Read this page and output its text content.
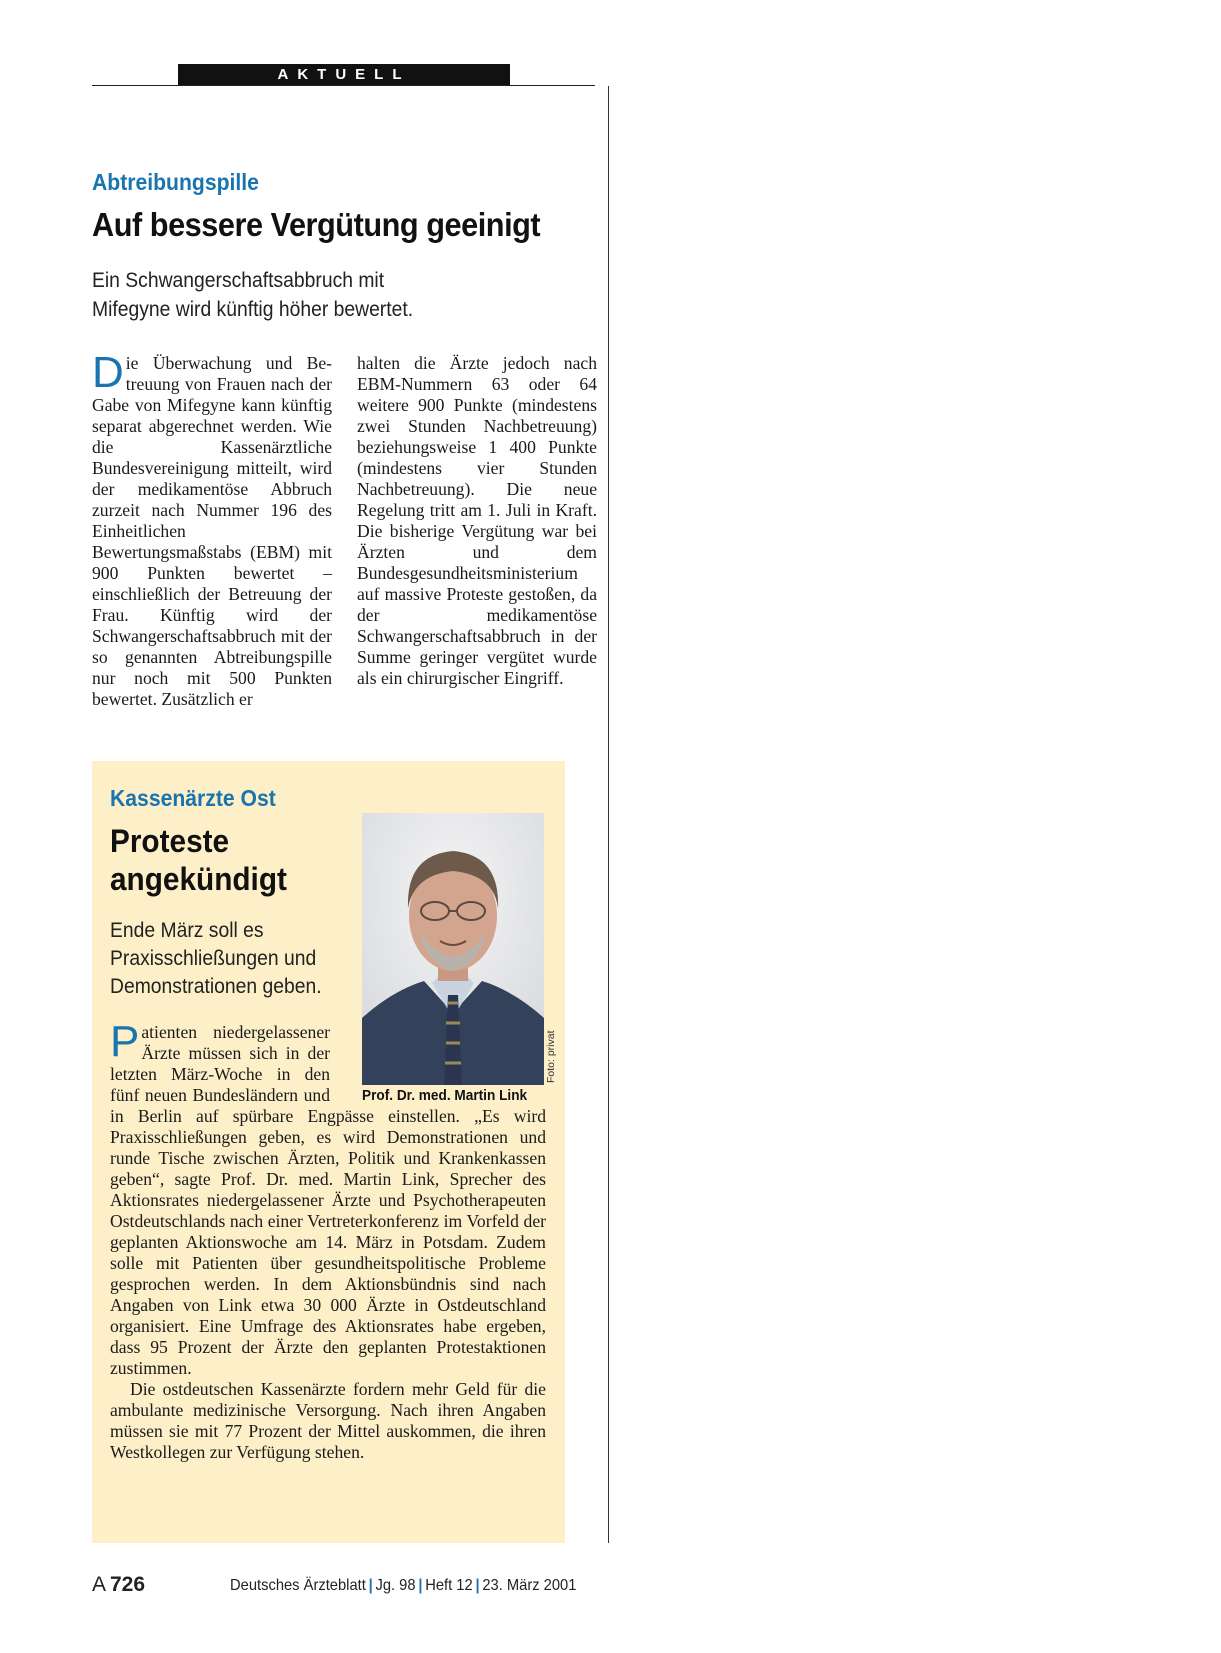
AKTUELL
Abtreibungspille
Auf bessere Vergütung geeinigt
Ein Schwangerschaftsabbruch mit
Mifegyne wird künftig höher bewertet.
Die Überwachung und Betreuung von Frauen nach der Gabe von Mifegyne kann künftig separat abgerechnet werden. Wie die Kassenärztliche Bundesvereinigung mitteilt, wird der medikamentöse Abbruch zurzeit nach Nummer 196 des Einheitlichen Bewertungsmaßstabs (EBM) mit 900 Punkten bewertet – einschließlich der Betreuung der Frau. Künftig wird der Schwangerschaftsabbruch mit der so genannten Abtreibungspille nur noch mit 500 Punkten bewertet. Zusätzlich er
halten die Ärzte jedoch nach EBM-Nummern 63 oder 64 weitere 900 Punkte (mindestens zwei Stunden Nachbetreuung) beziehungsweise 1 400 Punkte (mindestens vier Stunden Nachbetreuung). Die neue Regelung tritt am 1. Juli in Kraft. Die bisherige Vergütung war bei Ärzten und dem Bundesgesundheitsministerium auf massive Proteste gestoßen, da der medikamentöse Schwangerschaftsabbruch in der Summe geringer vergütet wurde als ein chirurgischer Eingriff.
Kassenärzte Ost
Proteste
angekündigt
Ende März soll es
Praxisschließungen und
Demonstrationen geben.
Foto: privat
Prof. Dr. med. Martin Link

Patienten niedergelassener Ärzte müssen sich in der letzten März-Woche in den fünf neuen Bundesländern und in Berlin auf spürbare Engpässe einstellen. „Es wird Praxisschließungen geben, es wird Demonstrationen und runde Tische zwischen Ärzten, Politik und Krankenkassen geben“, sagte Prof. Dr. med. Martin Link, Sprecher des Aktionsrates niedergelassener Ärzte und Psychotherapeuten Ostdeutschlands nach einer Vertreterkonferenz im Vorfeld der geplanten Aktionswoche am 14. März in Potsdam. Zudem solle mit Patienten über gesundheitspolitische Probleme gesprochen werden. In dem Aktionsbündnis sind nach Angaben von Link etwa 30 000 Ärzte in Ostdeutschland organisiert. Eine Umfrage des Aktionsrates habe ergeben, dass 95 Prozent der Ärzte den geplanten Protestaktionen zustimmen.

Die ostdeutschen Kassenärzte fordern mehr Geld für die ambulante medizinische Versorgung. Nach ihren Angaben müssen sie mit 77 Prozent der Mittel auskommen, die ihren Westkollegen zur Verfügung stehen.

A 726	Deutsches Ärzteblatt | Jg. 98 | Heft 12 | 23. März 2001
